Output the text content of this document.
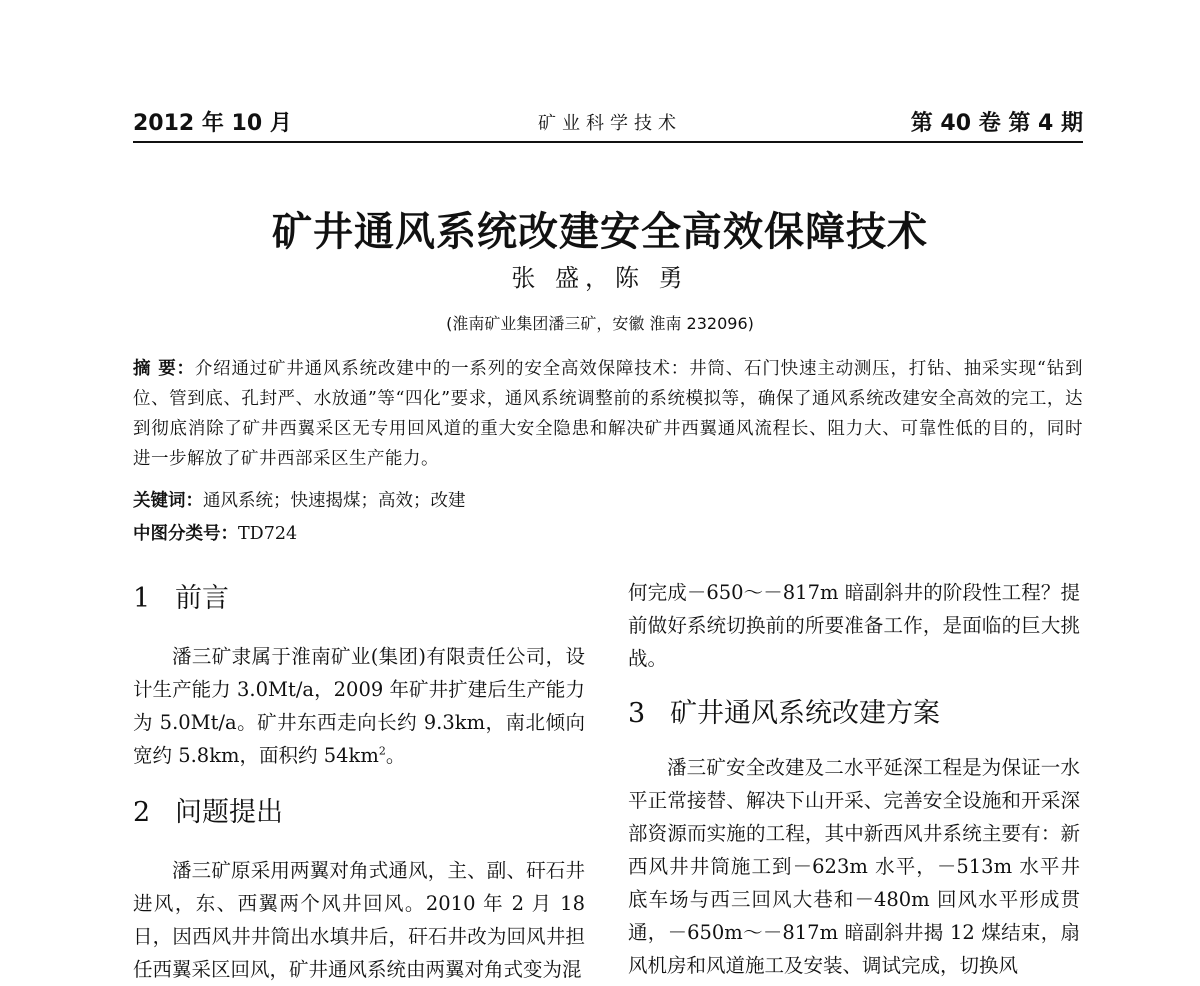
2012 年 10 月	矿业科学技术	第 40 卷 第 4 期
矿井通风系统改建安全高效保障技术
张 盛，陈 勇
(淮南矿业集团潘三矿，安徽 淮南 232096)
摘 要：介绍通过矿井通风系统改建中的一系列的安全高效保障技术：井筒、石门快速主动测压，打钻、抽采实现“钻到位、管到底、孔封严、水放通”等“四化”要求，通风系统调整前的系统模拟等，确保了通风系统改建安全高效的完工，达到彻底消除了矿井西翼采区无专用回风道的重大安全隐患和解决矿井西翼通风流程长、阻力大、可靠性低的目的，同时进一步解放了矿井西部采区生产能力。
关键词：通风系统；快速揭煤；高效；改建
中图分类号：TD724
1 前言

潘三矿隶属于淮南矿业(集团)有限责任公司，设计生产能力 3.0Mt/a，2009 年矿井扩建后生产能力为 5.0Mt/a。矿井东西走向长约 9.3km，南北倾向宽约 5.8km，面积约 $54km^2$。

2 问题提出

潘三矿原采用两翼对角式通风，主、副、矸石井进风，东、西翼两个风井回风。2010 年 2 月 18 日，因西风井井筒出水填井后，矸石井改为回风井担任西翼采区回风，矿井通风系统由两翼对角式变为混

何完成－650～－817m 暗副斜井的阶段性工程？提前做好系统切换前的所要准备工作，是面临的巨大挑战。

3 矿井通风系统改建方案

潘三矿安全改建及二水平延深工程是为保证一水平正常接替、解决下山开采、完善安全设施和开采深部资源而实施的工程，其中新西风井系统主要有：新西风井井筒施工到－623m 水平，－513m 水平井底车场与西三回风大巷和－480m 回风水平形成贯通，－650m～－817m 暗副斜井揭 12 煤结束，扇风机房和风道施工及安装、调试完成，切换风
